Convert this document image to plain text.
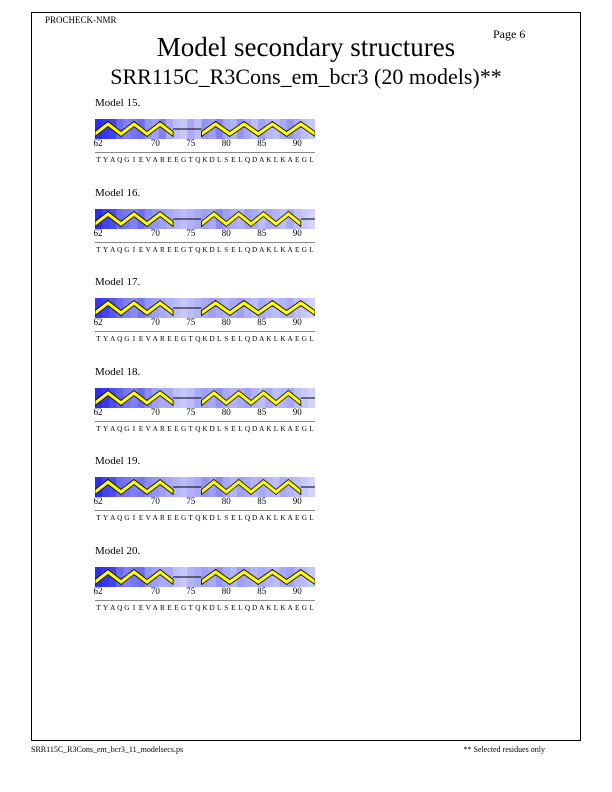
PROCHECK-NMR
Page 6
Model secondary structures
SRR115C_R3Cons_em_bcr3 (20 models)**
Model 15.
62	70	75	80	85	90
T Y A Q G I E V A R E E G T Q K D L S E L Q D A K L K A E G L
Model 16.
62	70	75	80	85	90
T Y A Q G I E V A R E E G T Q K D L S E L Q D A K L K A E G L
Model 17.
62	70	75	80	85	90
T Y A Q G I E V A R E E G T Q K D L S E L Q D A K L K A E G L
Model 18.
62	70	75	80	85	90
T Y A Q G I E V A R E E G T Q K D L S E L Q D A K L K A E G L
Model 19.
62	70	75	80	85	90
T Y A Q G I E V A R E E G T Q K D L S E L Q D A K L K A E G L
Model 20.
62	70	75	80	85	90
T Y A Q G I E V A R E E G T Q K D L S E L Q D A K L K A E G L
SRR115C_R3Cons_em_bcr3_11_modelsecs.ps	** Selected residues only
